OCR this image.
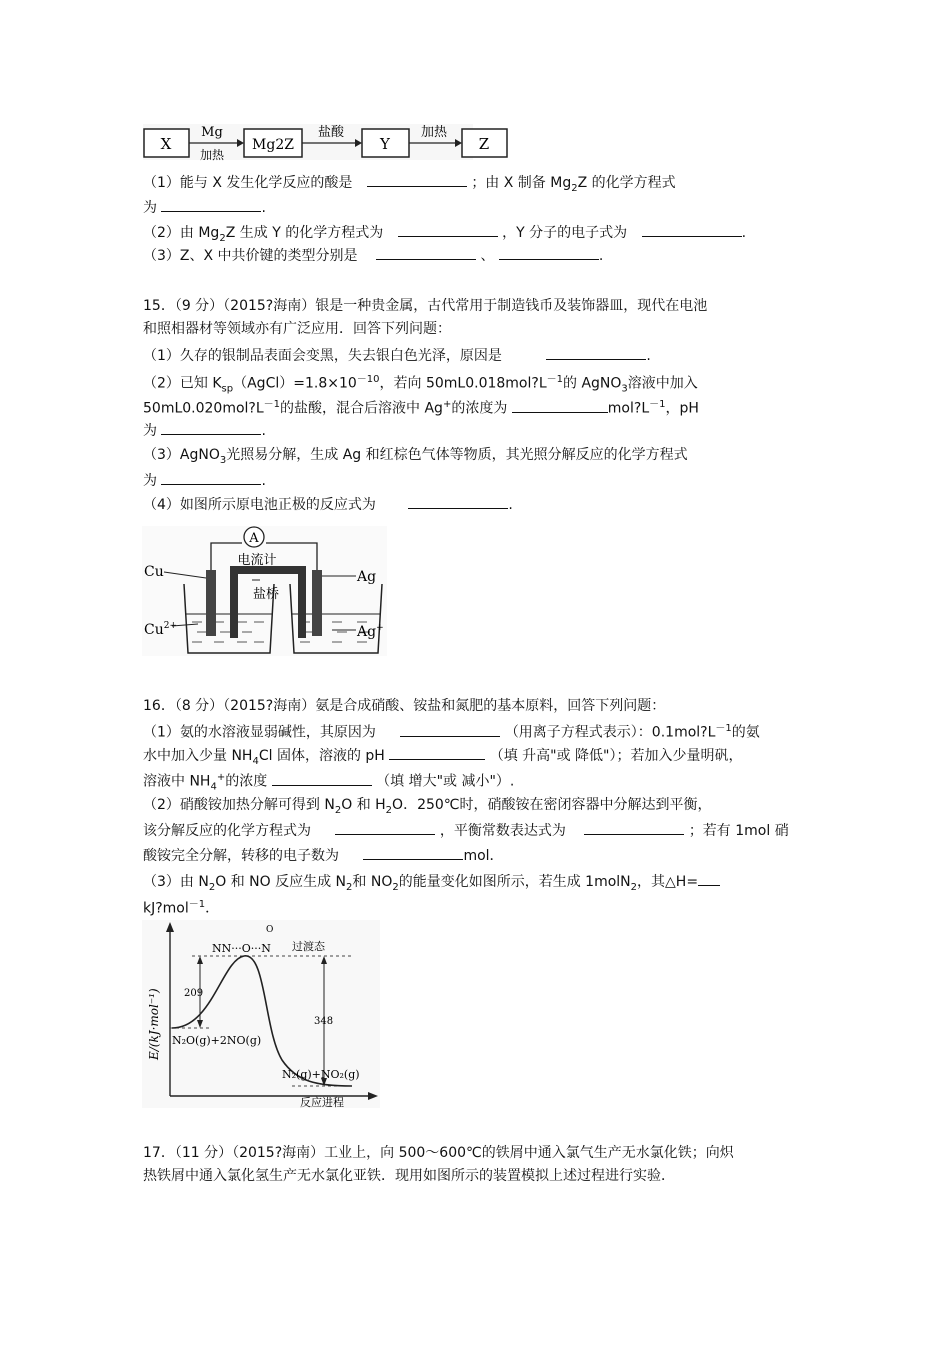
X
Mg
加热
Mg2Z
盐酸
Y
加热
Z
（1）能与 X 发生化学反应的酸是	；由 X 制备 $Mg_2Z$ 的化学方程式
为	.
（2）由 $Mg_2Z$ 生成 Y 的化学方程式为	，Y 分子的电子式为	.
（3）Z、X 中共价键的类型分别是	、	.
15．（9 分）（2015?海南）银是一种贵金属，古代常用于制造钱币及装饰器皿，现代在电池
和照相器材等领域亦有广泛应用．回答下列问题：
（1）久存的银制品表面会变黑，失去银白色光泽，原因是	.
（2）已知 $K_{sp}(AgCl)=1.8\times 10^{-10}$，若向 $50mL0.018mol?L^{-1}$的 AgNO$_3$溶液中加入
$50mL0.020mol?L^{-1}$的盐酸，混合后溶液中 Ag+的浓度为	$mol?L^{-1}$，pH
为	.
（3）AgNO$_3$光照易分解，生成 Ag 和红棕色气体等物质，其光照分解反应的化学方程式
为	.
（4）如图所示原电池正极的反应式为	.
A
电流计
盐桥
Cu
$Cu^{2+}$
Ag
Ag+
16．（8 分）（2015?海南）氨是合成硝酸、铵盐和氮肥的基本原料，回答下列问题：
（1）氨的水溶液显弱碱性，其原因为	（用离子方程式表示）：$0.1mol?L^{-1}$的氨
水中加入少量 $NH_4Cl$ 固体，溶液的 pH	（填 升高"或 降低"）；若加入少量明矾，
溶液中 $NH_4^+$的浓度	（填 增大"或 减小"）.
（2）硝酸铵加热分解可得到 $N_2O$ 和 $H_2O$．250℃时，硝酸铵在密闭容器中分解达到平衡，
该分解反应的化学方程式为	，平衡常数表达式为	；若有 1mol 硝
酸铵完全分解，转移的电子数为	mol．
（3）由 $N_2O$ 和 NO 反应生成 $N_2$和 $NO_2$的能量变化如图所示，若生成 1molN$_2$，其△H=
kJ?mol$^{-1}$．
E/(kJ·mol⁻¹)
反应进程
209
348
NN···O···N
O
过渡态
N₂O(g)+2NO(g)
N₂(g)+NO₂(g)
17．（11 分）（2015?海南）工业上，向 500～600℃的铁屑中通入氯气生产无水氯化铁；向炽
热铁屑中通入氯化氢生产无水氯化亚铁．现用如图所示的装置模拟上述过程进行实验．
